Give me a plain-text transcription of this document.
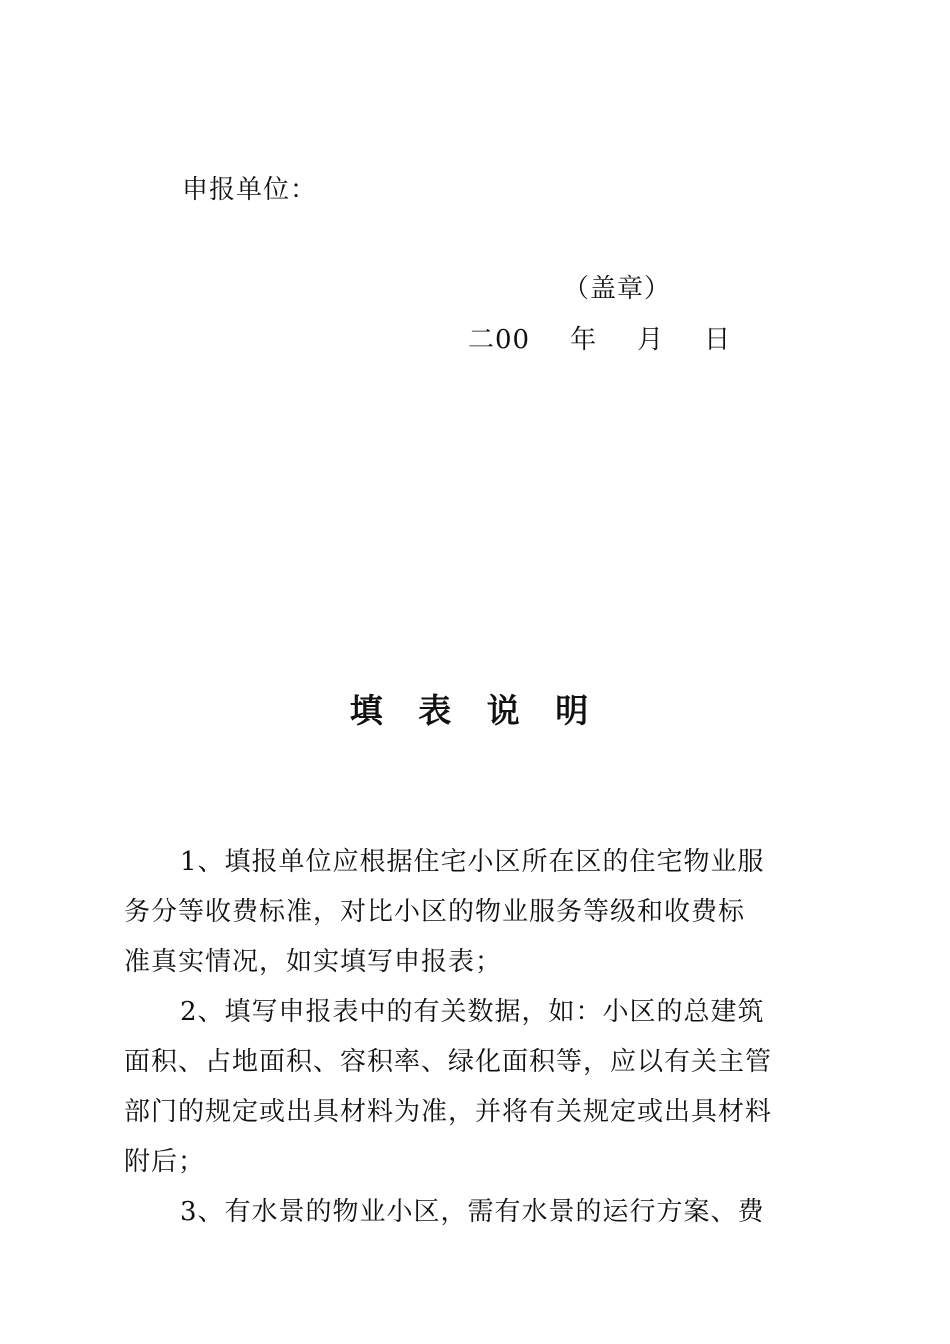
申报单位：
（盖章）
二00 年 月 日
填 表 说 明
1、填报单位应根据住宅小区所在区的住宅物业服
务分等收费标准，对比小区的物业服务等级和收费标
准真实情况，如实填写申报表；
2、填写申报表中的有关数据，如：小区的总建筑
面积、占地面积、容积率、绿化面积等，应以有关主管
部门的规定或出具材料为准，并将有关规定或出具材料
附后；
3、有水景的物业小区，需有水景的运行方案、费
